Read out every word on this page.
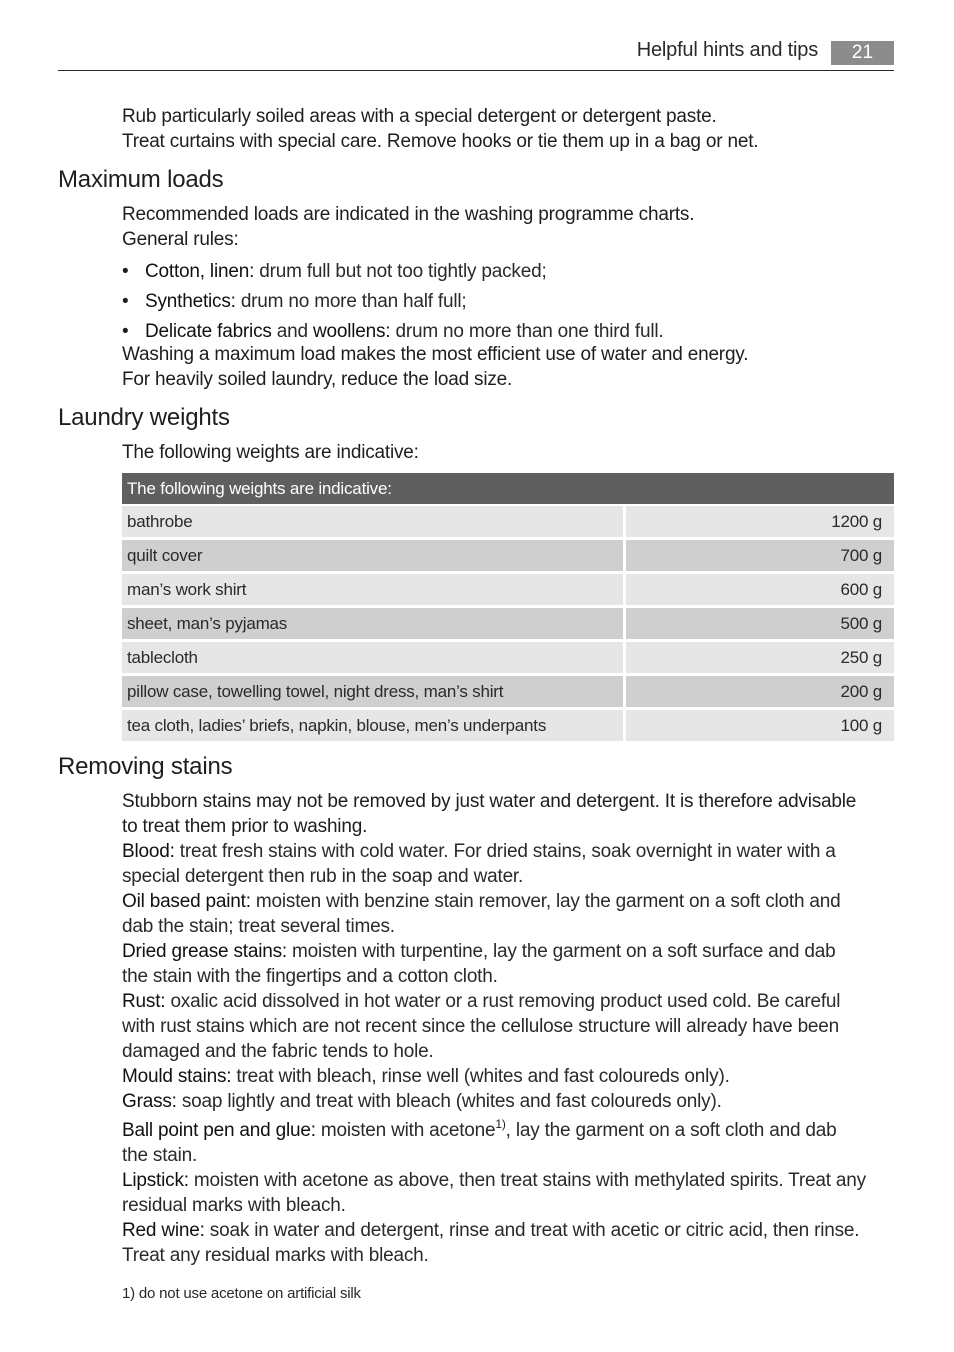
Helpful hints and tips	21
Rub particularly soiled areas with a special detergent or detergent paste.
Treat curtains with special care. Remove hooks or tie them up in a bag or net.
Maximum loads
Recommended loads are indicated in the washing programme charts.
General rules:
• Cotton, linen: drum full but not too tightly packed;
• Synthetics: drum no more than half full;
• Delicate fabrics and woollens: drum no more than one third full.
Washing a maximum load makes the most efficient use of water and energy.
For heavily soiled laundry, reduce the load size.
Laundry weights
The following weights are indicative:
The following weights are indicative:	
bathrobe	1200 g
quilt cover	700 g
man’s work shirt	600 g
sheet, man’s pyjamas	500 g
tablecloth	250 g
pillow case, towelling towel, night dress, man’s shirt	200 g
tea cloth, ladies’ briefs, napkin, blouse, men’s underpants	100 g
Removing stains
Stubborn stains may not be removed by just water and detergent. It is therefore advisable
to treat them prior to washing.
Blood: treat fresh stains with cold water. For dried stains, soak overnight in water with a
special detergent then rub in the soap and water.
Oil based paint: moisten with benzine stain remover, lay the garment on a soft cloth and
dab the stain; treat several times.
Dried grease stains: moisten with turpentine, lay the garment on a soft surface and dab
the stain with the fingertips and a cotton cloth.
Rust: oxalic acid dissolved in hot water or a rust removing product used cold. Be careful
with rust stains which are not recent since the cellulose structure will already have been
damaged and the fabric tends to hole.
Mould stains: treat with bleach, rinse well (whites and fast coloureds only).
Grass: soap lightly and treat with bleach (whites and fast coloureds only).
Ball point pen and glue: moisten with acetone$^{1)}$, lay the garment on a soft cloth and dab
the stain.
Lipstick: moisten with acetone as above, then treat stains with methylated spirits. Treat any
residual marks with bleach.
Red wine: soak in water and detergent, rinse and treat with acetic or citric acid, then rinse.
Treat any residual marks with bleach.
1) do not use acetone on artificial silk
